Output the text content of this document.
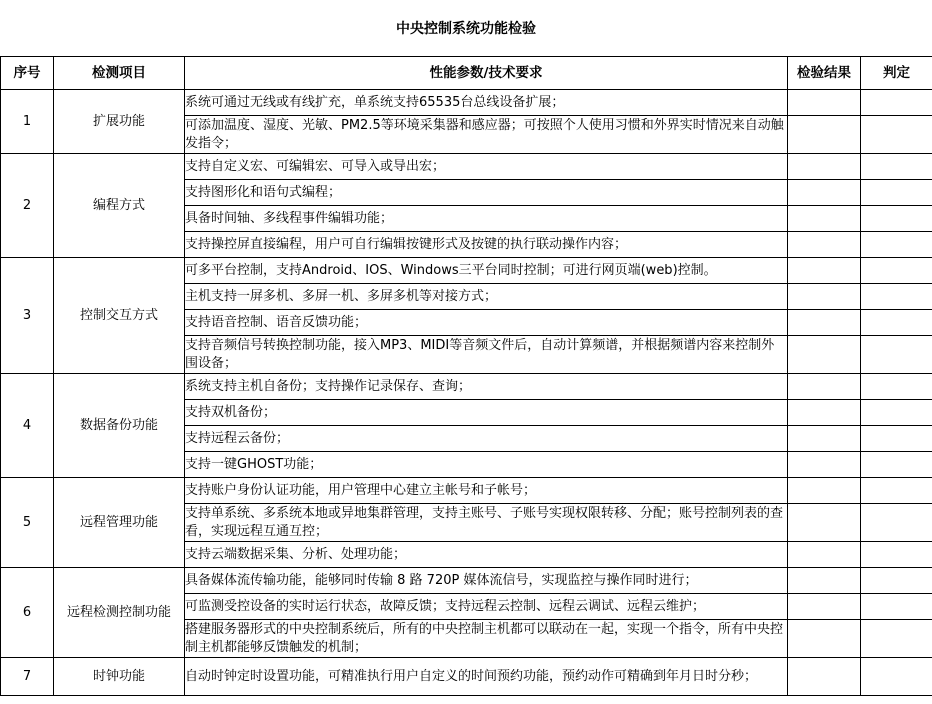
中央控制系统功能检验
序号	检测项目	性能参数/技术要求	检验结果	判定
1	扩展功能	系统可通过无线或有线扩充，单系统支持65535台总线设备扩展；		
		可添加温度、湿度、光敏、PM2.5等环境采集器和感应器；可按照个人使用习惯和外界实时情况来自动触发指令；		
2	编程方式	支持自定义宏、可编辑宏、可导入或导出宏；		
		支持图形化和语句式编程；		
		具备时间轴、多线程事件编辑功能；		
		支持操控屏直接编程，用户可自行编辑按键形式及按键的执行联动操作内容；		
3	控制交互方式	可多平台控制，支持Android、IOS、Windows三平台同时控制；可进行网页端(web)控制。		
		主机支持一屏多机、多屏一机、多屏多机等对接方式；		
		支持语音控制、语音反馈功能；		
		支持音频信号转换控制功能，接入MP3、MIDI等音频文件后，自动计算频谱，并根据频谱内容来控制外围设备；		
4	数据备份功能	系统支持主机自备份；支持操作记录保存、查询；		
		支持双机备份；		
		支持远程云备份；		
		支持一键GHOST功能；		
5	远程管理功能	支持账户身份认证功能，用户管理中心建立主帐号和子帐号；		
		支持单系统、多系统本地或异地集群管理，支持主账号、子账号实现权限转移、分配；账号控制列表的查看，实现远程互通互控；		
		支持云端数据采集、分析、处理功能；		
6	远程检测控制功能	具备媒体流传输功能，能够同时传输 8 路 720P 媒体流信号，实现监控与操作同时进行；		
		可监测受控设备的实时运行状态，故障反馈；支持远程云控制、远程云调试、远程云维护；		
		搭建服务器形式的中央控制系统后，所有的中央控制主机都可以联动在一起，实现一个指令，所有中央控制主机都能够反馈触发的机制；		
7	时钟功能	自动时钟定时设置功能，可精准执行用户自定义的时间预约功能，预约动作可精确到年月日时分秒；		
